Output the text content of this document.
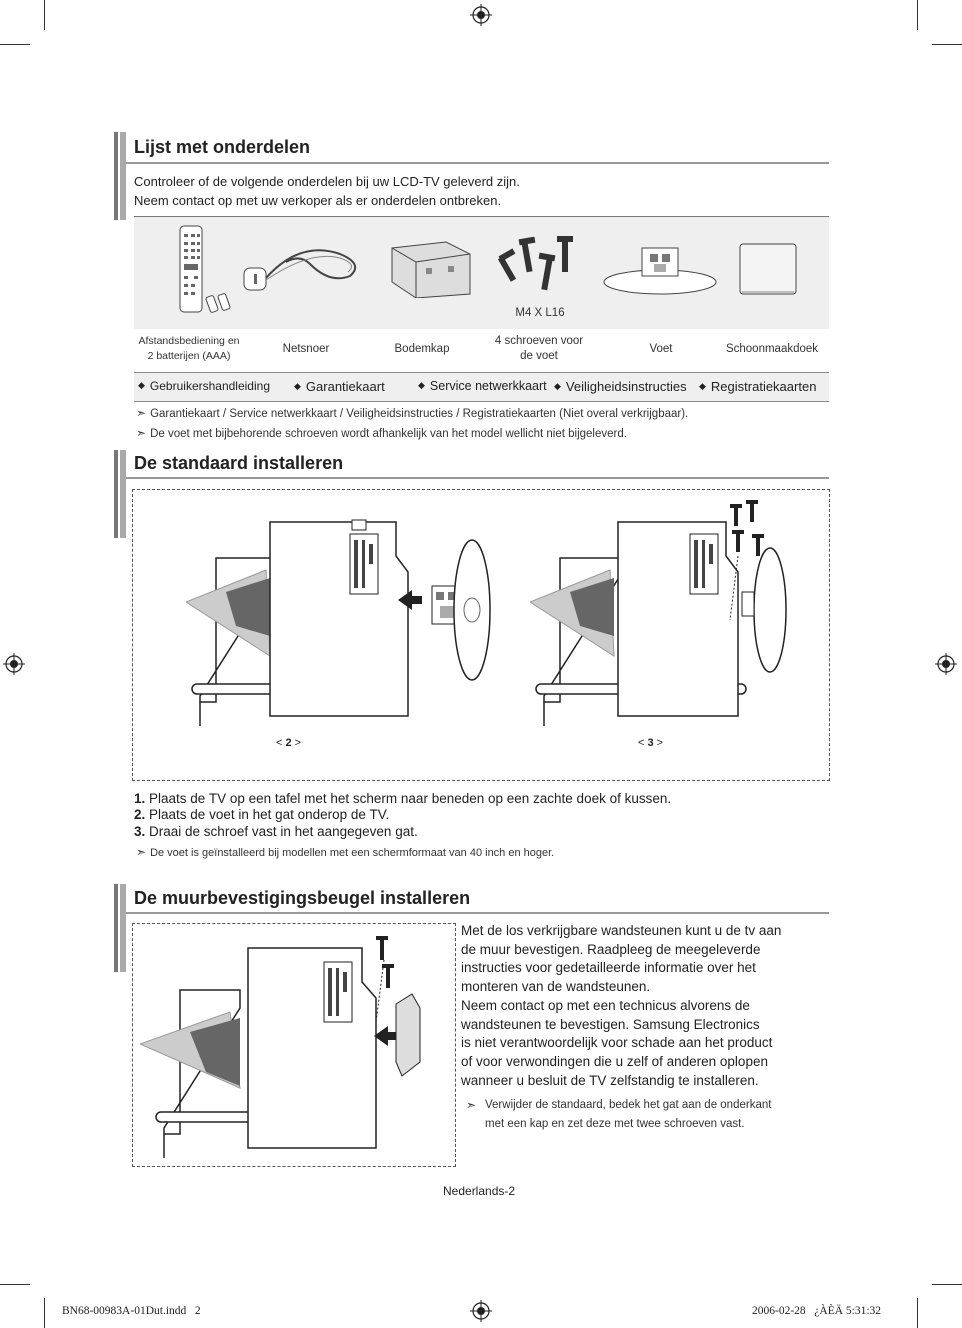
Lijst met onderdelen
Controleer of de volgende onderdelen bij uw LCD-TV geleverd zijn.
Neem contact op met uw verkoper als er onderdelen ontbreken.
M4 X L16
Afstandsbediening en
2 batterijen (AAA)
Netsnoer	Bodemkap
4 schroeven voor
de voet
Voet	Schoonmaakdoek
◆ Gebruikershandleiding	◆ Garantiekaart	◆ Service netwerkkaart ◆ Veiligheidsinstructies ◆ Registratiekaarten
➣ Garantiekaart / Service netwerkkaart / Veiligheidsinstructies / Registratiekaarten (Niet overal verkrijgbaar).
➣ De voet met bijbehorende schroeven wordt afhankelijk van het model wellicht niet bijgeleverd.
De standaard installeren
< 2 >	< 3 >
1. Plaats de TV op een tafel met het scherm naar beneden op een zachte doek of kussen.
2. Plaats de voet in het gat onderop de TV.
3. Draai de schroef vast in het aangegeven gat.
➣ De voet is geïnstalleerd bij modellen met een schermformaat van 40 inch en hoger.
De muurbevestigingsbeugel installeren
Met de los verkrijgbare wandsteunen kunt u de tv aan
de muur bevestigen. Raadpleeg de meegeleverde
instructies voor gedetailleerde informatie over het
monteren van de wandsteunen.
Neem contact op met een technicus alvorens de
wandsteunen te bevestigen. Samsung Electronics
is niet verantwoordelijk voor schade aan het product
of voor verwondingen die u zelf of anderen oplopen
wanneer u besluit de TV zelfstandig te installeren.
➣ Verwijder de standaard, bedek het gat aan de onderkant
met een kap en zet deze met twee schroeven vast.
Nederlands-2
BN68-00983A-01Dut.indd   2	2006-02-28   ¿ÀÈÄ 5:31:32
